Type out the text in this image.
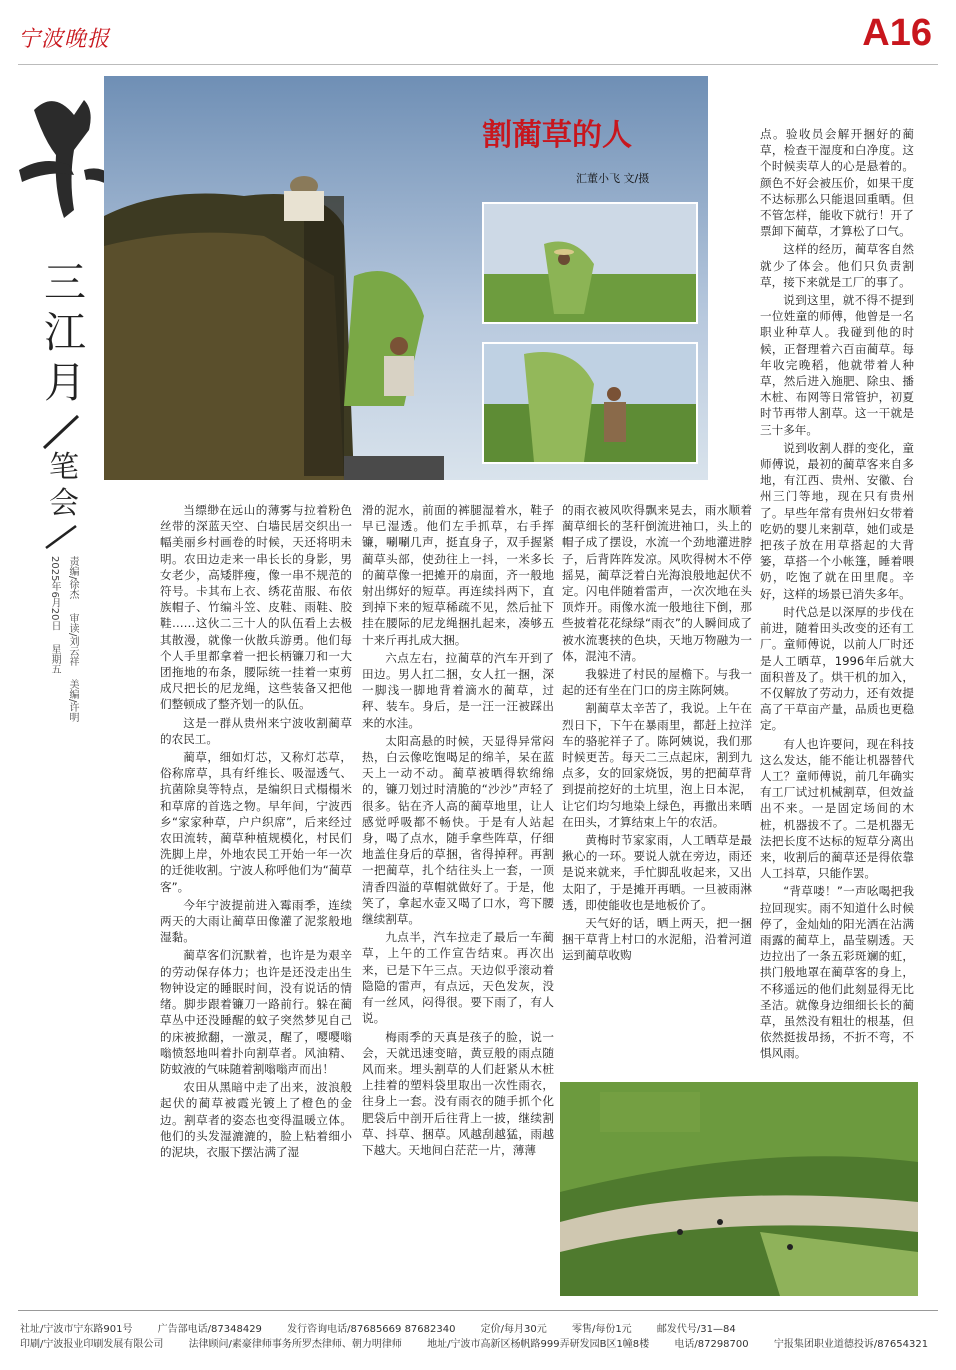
宁波晚报	A16
三
江
月
笔
会
责编/徐杰 审读/刘云祥 美编/许明
2025年6月20日 星期五
割蔺草的人
汇董小飞 文/摄

当缥缈在远山的薄雾与拉着粉色丝带的深蓝天空、白墙民居交织出一幅美丽乡村画卷的时候，天还将明未明。农田边走来一串长长的身影，男女老少，高矮胖瘦，像一串不规范的符号。卡其布上衣、绣花苗服、布依族帽子、竹编斗笠、皮鞋、雨鞋、胶鞋……这伙二三十人的队伍看上去极其散漫，就像一伙散兵游勇。他们每个人手里都拿着一把长柄镰刀和一大团拖地的布条，腰际统一挂着一束剪成尺把长的尼龙绳，这些装备又把他们整顿成了整齐划一的队伍。

这是一群从贵州来宁波收割蔺草的农民工。

蔺草，细如灯芯，又称灯芯草，俗称席草，具有纤维长、吸湿透气、抗菌除臭等特点，是编织日式榻榻米和草席的首选之物。早年间，宁波西乡“家家种草，户户织席”，后来经过农田流转，蔺草种植规模化，村民们洗脚上岸，外地农民工开始一年一次的迁徙收割。宁波人称呼他们为“蔺草客”。

今年宁波提前进入霉雨季，连续两天的大雨让蔺草田像灌了泥浆般地湿黏。

蔺草客们沉默着，也许是为艰辛的劳动保存体力；也许是还没走出生物钟设定的睡眠时间，没有说话的情绪。脚步跟着镰刀一路前行。躲在蔺草丛中还没睡醒的蚊子突然梦见自己的床被掀翻，一激灵，醒了，嘤嘤嗡嗡愤怒地叫着扑向割草者。风油精、防蚊液的气味随着割嗡嗡声而出！

农田从黑暗中走了出来，波浪般起伏的蔺草被霞光镀上了橙色的金边。割草者的姿态也变得温暖立体。他们的头发湿漉漉的，脸上粘着细小的泥块，衣服下摆沾满了湿

滑的泥水，前面的裤腿湿着水，鞋子早已湿透。他们左手抓草，右手挥镰，唰唰几声，挺直身子，双手握紧蔺草头部，使劲往上一抖，一米多长的蔺草像一把摊开的扇面，齐一般地射出绑好的短草。再连续抖两下，直到掉下来的短草稀疏不见，然后扯下挂在腰际的尼龙绳捆扎起来，凑够五十来斤再扎成大捆。

六点左右，拉蔺草的汽车开到了田边。男人扛二捆，女人扛一捆，深一脚浅一脚地背着滴水的蔺草，过秤、装车。身后，是一汪一汪被踩出来的水洼。

太阳高悬的时候，天显得异常闷热，白云像吃饱喝足的绵羊，呆在蓝天上一动不动。蔺草被晒得软绵绵的，镰刀划过时清脆的“沙沙”声轻了很多。钻在齐人高的蔺草地里，让人感觉呼吸都不畅快。于是有人站起身，喝了点水，随手拿些阵草，仔细地盖住身后的草捆，省得掉秤。再割一把蔺草，扎个结往头上一套，一顶清香四溢的草帽就做好了。于是，他笑了，拿起水壶又喝了口水，弯下腰继续割草。

九点半，汽车拉走了最后一车蔺草，上午的工作宣告结束。再次出来，已是下午三点。天边似乎滚动着隐隐的雷声，有点远，天色发灰，没有一丝风，闷得很。要下雨了，有人说。

梅雨季的天真是孩子的脸，说一会，天就迅速变暗，黄豆般的雨点随风而来。埋头割草的人们赶紧从木桩上挂着的塑料袋里取出一次性雨衣，往身上一套。没有雨衣的随手抓个化肥袋后中剖开后往背上一披，继续割草、抖草、捆草。风越刮越猛，雨越下越大。天地间白茫茫一片，薄薄

的雨衣被风吹得飘来晃去，雨水顺着蔺草细长的茎秆倒流进袖口，头上的帽子成了摆设，水流一个劲地灌进脖子，后背阵阵发凉。风吹得树木不停摇晃，蔺草泛着白光海浪般地起伏不定。闪电伴随着雷声，一次次地在头顶炸开。雨像水流一般地往下倒，那些披着花花绿绿“雨衣”的人瞬间成了被水流裹挟的色块，天地万物融为一体，混沌不清。

我躲进了村民的屋檐下。与我一起的还有坐在门口的房主陈阿姨。

割蔺草太辛苦了，我说。上午在烈日下，下午在暴雨里，都赶上拉洋车的骆驼祥子了。陈阿姨说，我们那时候更苦。每天二三点起床，割到九点多，女的回家烧饭，男的把蔺草背到提前挖好的土坑里，泡上日本泥，让它们均匀地染上绿色，再撒出来晒在田头，才算结束上午的农活。

黄梅时节家家雨，人工晒草是最揪心的一环。要说人就在旁边，雨还是说来就来，手忙脚乱收起来，又出太阳了，于是摊开再晒。一旦被雨淋透，即使能收也是地板价了。

天气好的话，晒上两天，把一捆捆干草背上村口的水泥船，沿着河道运到蔺草收购

点。验收员会解开捆好的蔺草，检查干湿度和白净度。这个时候卖草人的心是悬着的。颜色不好会被压价，如果干度不达标那么只能退回重晒。但不管怎样，能收下就行！开了票卸下蔺草，才算松了口气。

这样的经历，蔺草客自然就少了体会。他们只负责割草，接下来就是工厂的事了。

说到这里，就不得不提到一位姓童的师傅，他曾是一名职业种草人。我碰到他的时候，正督理着六百亩蔺草。每年收完晚稻，他就带着人种草，然后进入施肥、除虫、播木桩、布网等日常管护，初夏时节再带人割草。这一干就是三十多年。

说到收割人群的变化，童师傅说，最初的蔺草客来自多地，有江西、贵州、安徽、台州三门等地，现在只有贵州了。早些年常有贵州妇女带着吃奶的婴儿来割草，她们或是把孩子放在用草搭起的大背篓，草搭一个小帐篷，睡着喂奶，吃饱了就在田里爬。辛好，这样的场景已消失多年。

时代总是以深厚的步伐在前进，随着田头改变的还有工厂。童师傅说，以前人厂时还是人工晒草，1996年后就大面积普及了。烘干机的加入，不仅解放了劳动力，还有效提高了干草亩产量，品质也更稳定。

有人也许要问，现在科技这么发达，能不能让机器替代人工？童师傅说，前几年确实有工厂试过机械割草，但效益出不来。一是固定场间的木桩，机器拔不了。二是机器无法把长度不达标的短草分离出来，收割后的蔺草还是得依靠人工抖草，只能作罢。

“背草喽！”一声吆喝把我拉回现实。雨不知道什么时候停了，金灿灿的阳光洒在沾满雨露的蔺草上，晶莹剔透。天边拉出了一条五彩斑斓的虹，拱门般地罩在蔺草客的身上，不移遥远的他们此刻显得无比圣洁。就像身边细细长长的蔺草，虽然没有粗壮的根基，但依然挺拔昂扬，不折不弯，不惧风雨。

社址/宁波市宁东路901号	广告部电话/87348429	发行咨询电话/87685669 87682340	定价/每月30元	零售/每份1元	邮发代号/31—84
印刷/宁波报业印刷发展有限公司	法律顾问/素豪律师事务所罗杰律师、朝力明律师	地址/宁波市高新区杨帆路999弄研发园B区1幢8楼	电话/87298700	宁报集团职业道德投诉/87654321
